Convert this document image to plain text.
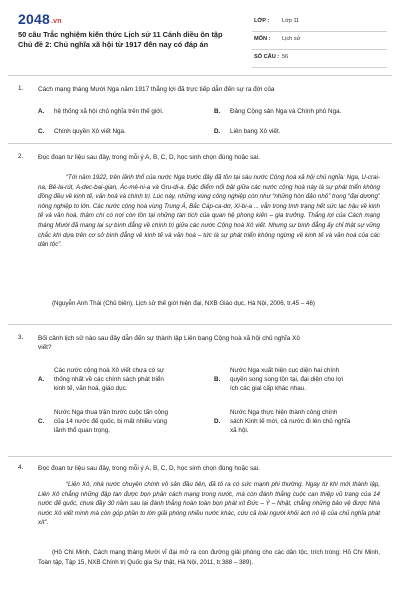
2048.vn
50 câu Trắc nghiệm kiến thức Lịch sử 11 Cánh diều ôn tập
Chủ đề 2: Chủ nghĩa xã hội từ 1917 đến nay có đáp án
LỚP : Lớp 11
MÔN : Lịch sử
SỐ CÂU : 56
1. Cách mạng tháng Mười Nga năm 1917 thắng lợi đã trực tiếp dẫn đến sự ra đời của
A. hệ thống xã hội chủ nghĩa trên thế giới.	B. Đảng Cộng sản Nga và Chính phủ Nga.
C. Chính quyền Xô viết Nga.	D. Liên bang Xô viết.
2. Đọc đoạn tư liệu sau đây, trong mỗi ý A, B, C, D, học sinh chọn đúng hoặc sai.
“Tới năm 1922, trên lãnh thổ của nước Nga trước đây đã tồn tại sáu nước Cộng hoà xã hội chủ nghĩa: Nga, U-crai-na, Bê-la-rút, A-dec-bai-gian, Ác-mê-ni-a và Gru-di-a. Đặc điểm nổi bật giữa các nước cộng hoà này là sự phát triển không đồng đều về kinh tế, văn hoá và chính trị. Lúc này, những vùng công nghiệp còn như “những hòn đảo nhỏ” trong “đại dương” nông nghiệp to lớn. Các nước cộng hoà vùng Trung Á, Bắc Cáp-ca-dơ, Xi-bi-a ... vẫn trong tình trạng hết sức lạc hậu về kinh tế và văn hoá, thậm chí có nơi còn tồn tại những tàn tích của quan hệ phong kiến – gia trưởng. Thắng lợi của Cách mạng tháng Mười đã mang lại sự bình đẳng về chính trị giữa các nước Cộng hoà Xô viết. Nhưng sự bình đẳng ấy chỉ thật sự vững chắc khi dựa trên cơ sở bình đẳng về kinh tế và văn hoá – tức là sự phát triển không ngừng về kinh tế và văn hoá của các dân tộc”.
(Nguyễn Anh Thái (Chủ biên), Lịch sử thế giới hiện đại, NXB Giáo dục, Hà Nội, 2006, tr.45 – 46)
3. Bối cảnh lịch sử nào sau đây dẫn đến sự thành lập Liên bang Cộng hoà xã hội chủ nghĩa Xô
viết?
A.
Các nước cộng hoà Xô viết chưa có sự
thống nhất về các chính sách phát triển
kinh tế, văn hoá, giáo dục.
B.
Nước Nga xuất hiện cục diện hai chính
quyền song song tồn tại, đại diện cho lợi
ích các giai cấp khác nhau.
C.
Nước Nga thua trận trước cuộc tấn công
của 14 nước đế quốc, bị mất nhiều vùng
lãnh thổ quan trọng.
D.
Nước Nga thực hiện thành công chính
sách Kinh tế mới, cả nước đi lên chủ nghĩa
xã hội.
4. Đọc đoạn tư liệu sau đây, trong mỗi ý A, B, C, D, học sinh chọn đúng hoặc sai.
“Liên Xô, nhà nước chuyên chính vô sản đầu tiên, đã tỏ ra có sức mạnh phi thường. Ngay từ khi mới thành lập, Liên Xô chẳng những đập tan được bọn phản cách mạng trong nước, mà còn đánh thắng cuộc can thiệp vũ trang của 14 nước đế quốc, chưa đầy 30 năm sau lại đánh thắng hoàn toàn bọn phát xít Đức – Ý – Nhật, chẳng những bảo vệ được Nhà nước Xô viết mình mà còn góp phần to lớn giải phóng nhiều nước khác, cứu cả loài người khỏi ách nô lệ của chủ nghĩa phát xít”.
(Hồ Chí Minh, Cách mạng tháng Mười vĩ đại mở ra con đường giải phóng cho các dân tộc, trích trong: Hồ Chí Minh, Toàn tập, Tập 15, NXB Chính trị Quốc gia Sự thật, Hà Nội, 2011, tr.388 – 389).
